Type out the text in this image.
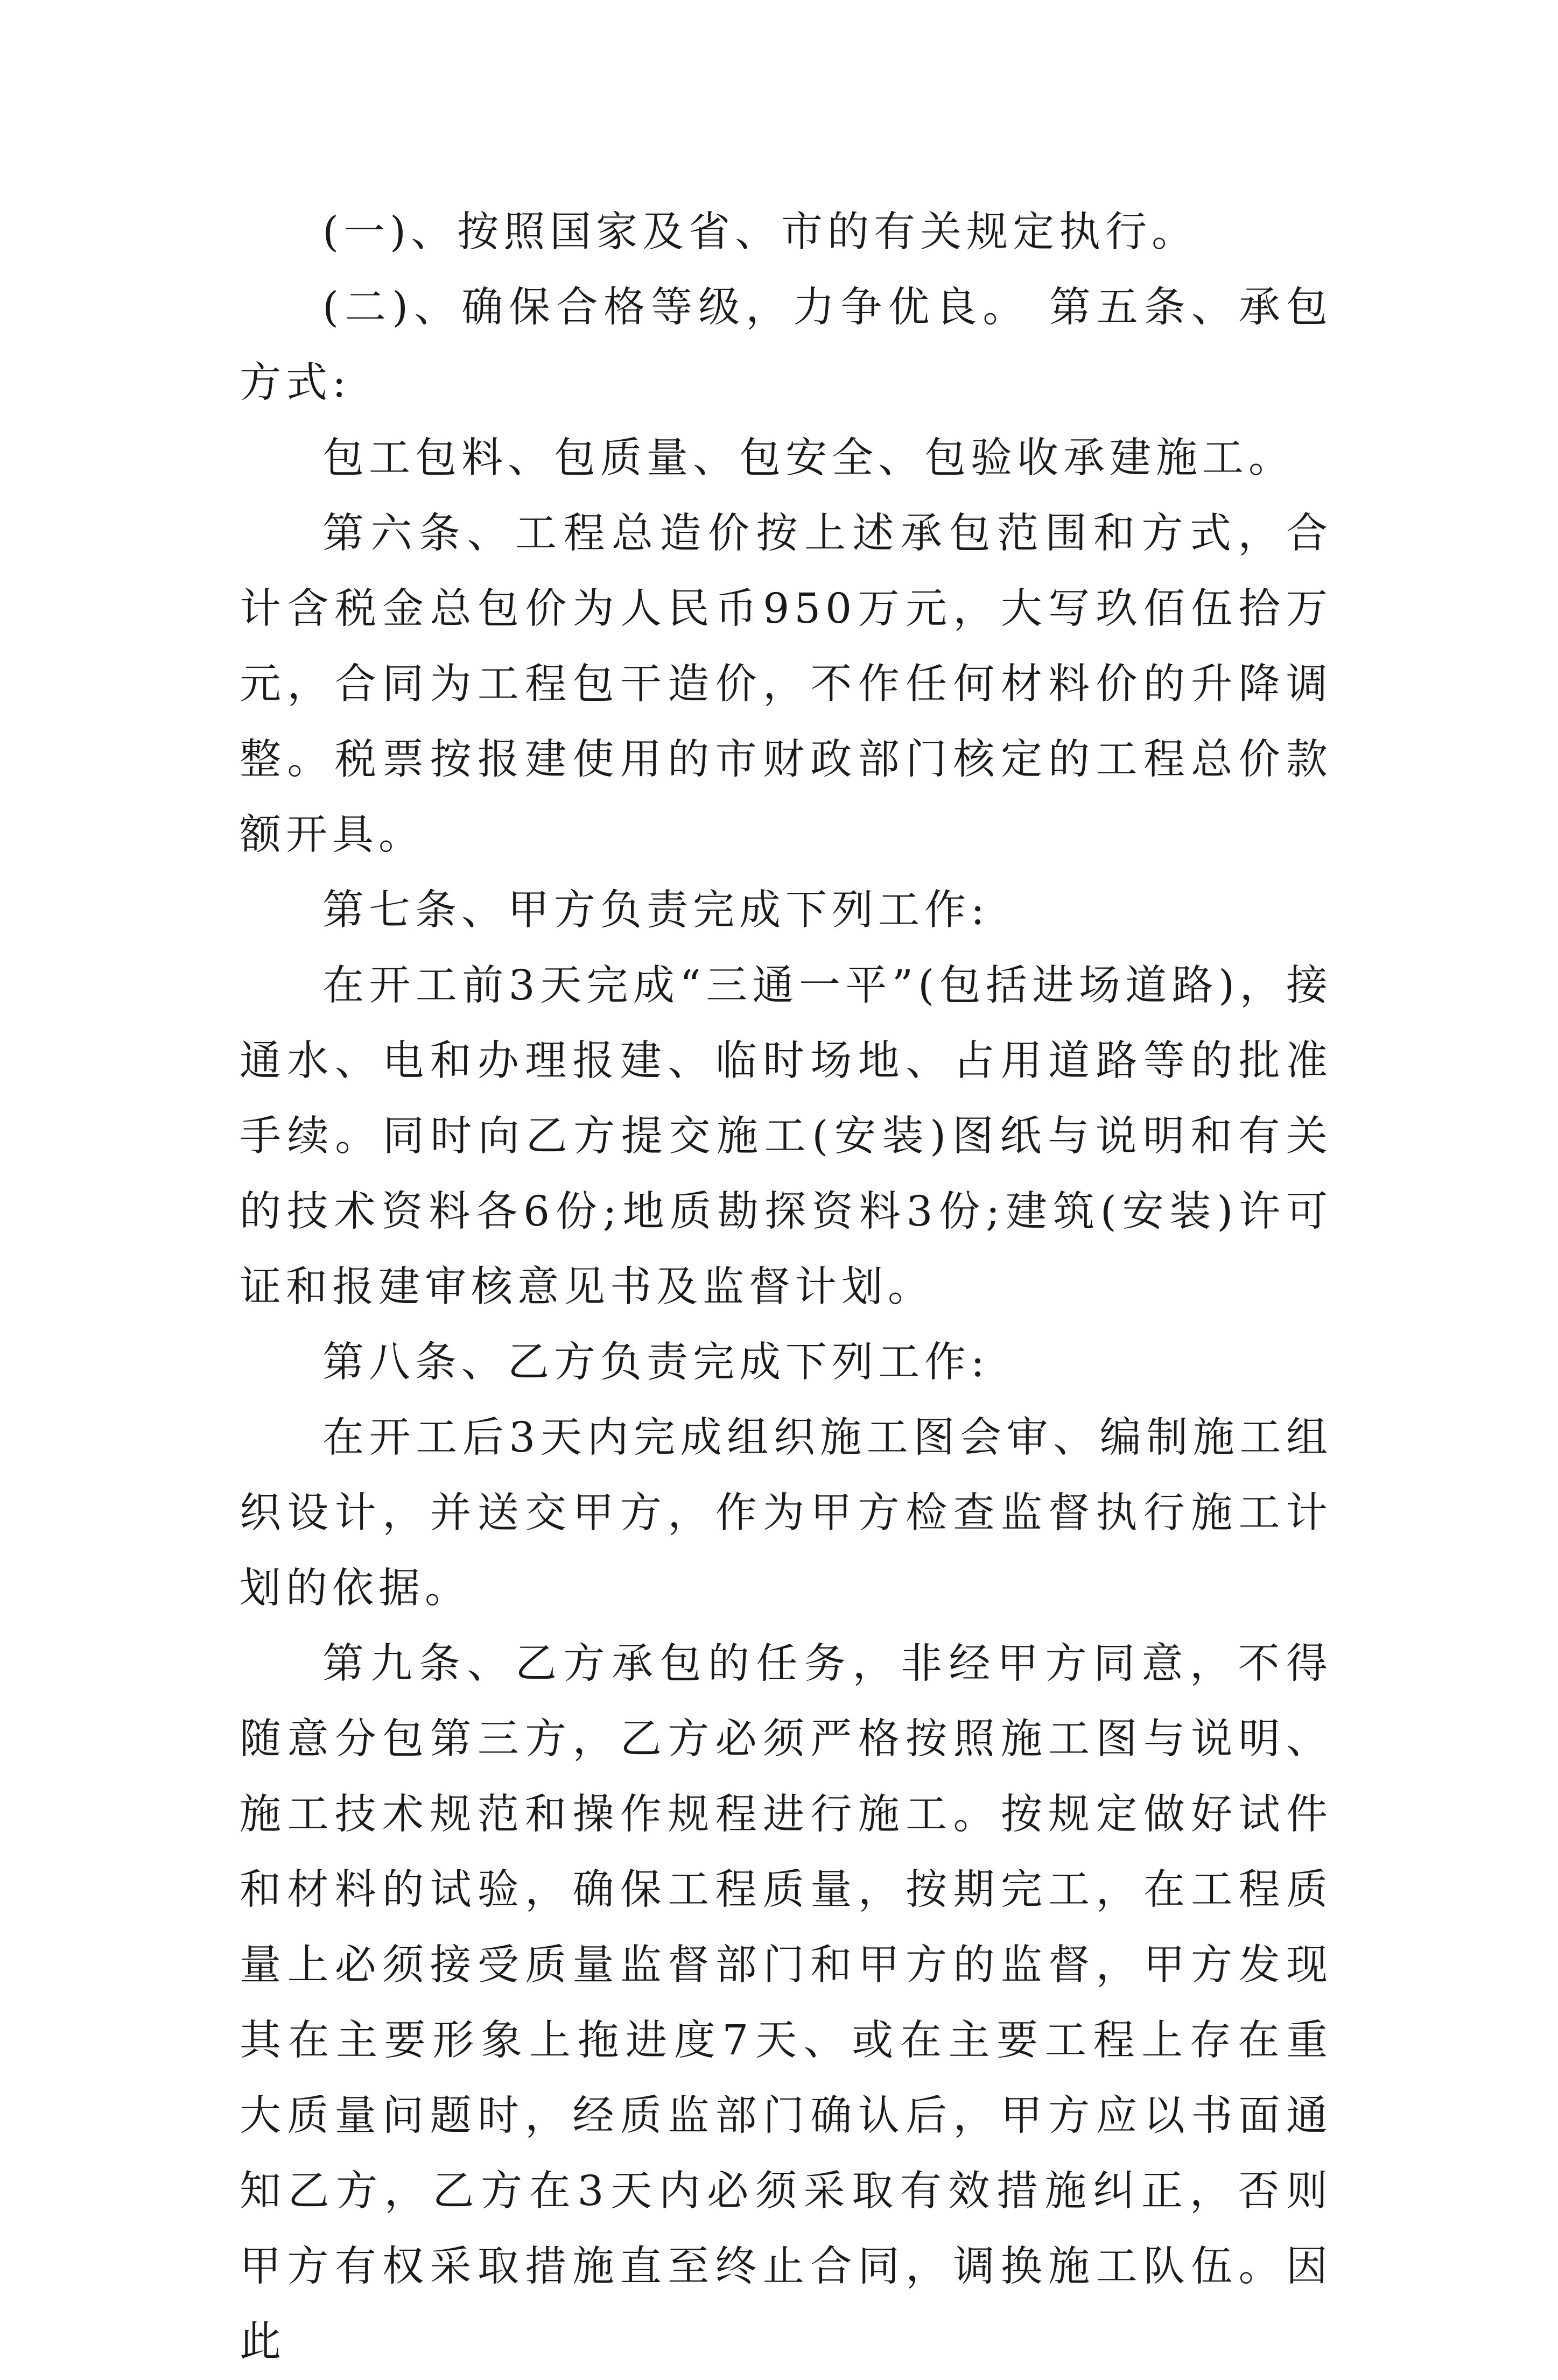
(一)、按照国家及省、市的有关规定执行。

(二)、确保合格等级，力争优良。 第五条、承包方式:

包工包料、包质量、包安全、包验收承建施工。

第六条、工程总造价按上述承包范围和方式，合计含税金总包价为人民币950万元，大写玖佰伍拾万元，合同为工程包干造价，不作任何材料价的升降调整。税票按报建使用的市财政部门核定的工程总价款额开具。

第七条、甲方负责完成下列工作:

在开工前3天完成“三通一平”(包括进场道路)，接通水、电和办理报建、临时场地、占用道路等的批准手续。同时向乙方提交施工(安装)图纸与说明和有关的技术资料各6份;地质勘探资料3份;建筑(安装)许可证和报建审核意见书及监督计划。

第八条、乙方负责完成下列工作:

在开工后3天内完成组织施工图会审、编制施工组织设计，并送交甲方，作为甲方检查监督执行施工计划的依据。

第九条、乙方承包的任务，非经甲方同意，不得随意分包第三方，乙方必须严格按照施工图与说明、施工技术规范和操作规程进行施工。按规定做好试件和材料的试验，确保工程质量，按期完工，在工程质量上必须接受质量监督部门和甲方的监督，甲方发现其在主要形象上拖进度7天、或在主要工程上存在重大质量问题时，经质监部门确认后，甲方应以书面通知乙方，乙方在3天内必须采取有效措施纠正，否则甲方有权采取措施直至终止合同，调换施工队伍。因此
